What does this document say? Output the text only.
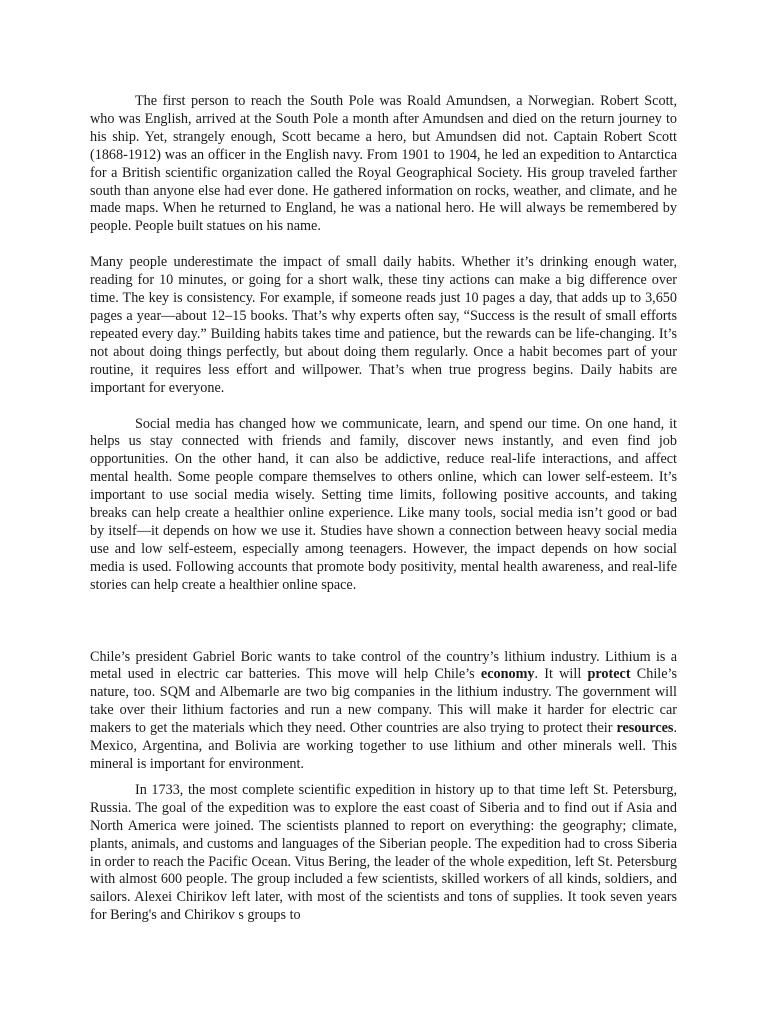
The first person to reach the South Pole was Roald Amundsen, a Norwegian. Robert Scott, who was English, arrived at the South Pole a month after Amundsen and died on the return journey to his ship. Yet, strangely enough, Scott became a hero, but Amundsen did not. Captain Robert Scott (1868-1912) was an officer in the English navy. From 1901 to 1904, he led an expedition to Antarctica for a British scientific organization called the Royal Geographical Society. His group traveled farther south than anyone else had ever done. He gathered information on rocks, weather, and climate, and he made maps. When he returned to England, he was a national hero. He will always be remembered by people. People built statues on his name.

Many people underestimate the impact of small daily habits. Whether it’s drinking enough water, reading for 10 minutes, or going for a short walk, these tiny actions can make a big difference over time. The key is consistency. For example, if someone reads just 10 pages a day, that adds up to 3,650 pages a year—about 12–15 books. That’s why experts often say, “Success is the result of small efforts repeated every day.” Building habits takes time and patience, but the rewards can be life-changing. It’s not about doing things perfectly, but about doing them regularly. Once a habit becomes part of your routine, it requires less effort and willpower. That’s when true progress begins. Daily habits are important for everyone.

Social media has changed how we communicate, learn, and spend our time. On one hand, it helps us stay connected with friends and family, discover news instantly, and even find job opportunities. On the other hand, it can also be addictive, reduce real-life interactions, and affect mental health. Some people compare themselves to others online, which can lower self-esteem. It’s important to use social media wisely. Setting time limits, following positive accounts, and taking breaks can help create a healthier online experience. Like many tools, social media isn’t good or bad by itself—it depends on how we use it. Studies have shown a connection between heavy social media use and low self-esteem, especially among teenagers. However, the impact depends on how social media is used. Following accounts that promote body positivity, mental health awareness, and real-life stories can help create a healthier online space.

Chile’s president Gabriel Boric wants to take control of the country’s lithium industry. Lithium is a metal used in electric car batteries. This move will help Chile’s economy. It will protect Chile’s nature, too. SQM and Albemarle are two big companies in the lithium industry. The government will take over their lithium factories and run a new company. This will make it harder for electric car makers to get the materials which they need. Other countries are also trying to protect their resources. Mexico, Argentina, and Bolivia are working together to use lithium and other minerals well. This mineral is important for environment.

In 1733, the most complete scientific expedition in history up to that time left St. Petersburg, Russia. The goal of the expedition was to explore the east coast of Siberia and to find out if Asia and North America were joined. The scientists planned to report on everything: the geography; climate, plants, animals, and customs and languages of the Siberian people. The expedition had to cross Siberia in order to reach the Pacific Ocean. Vitus Bering, the leader of the whole expedition, left St. Petersburg with almost 600 people. The group included a few scientists, skilled workers of all kinds, soldiers, and sailors. Alexei Chirikov left later, with most of the scientists and tons of supplies. It took seven years for Bering's and Chirikov s groups to
